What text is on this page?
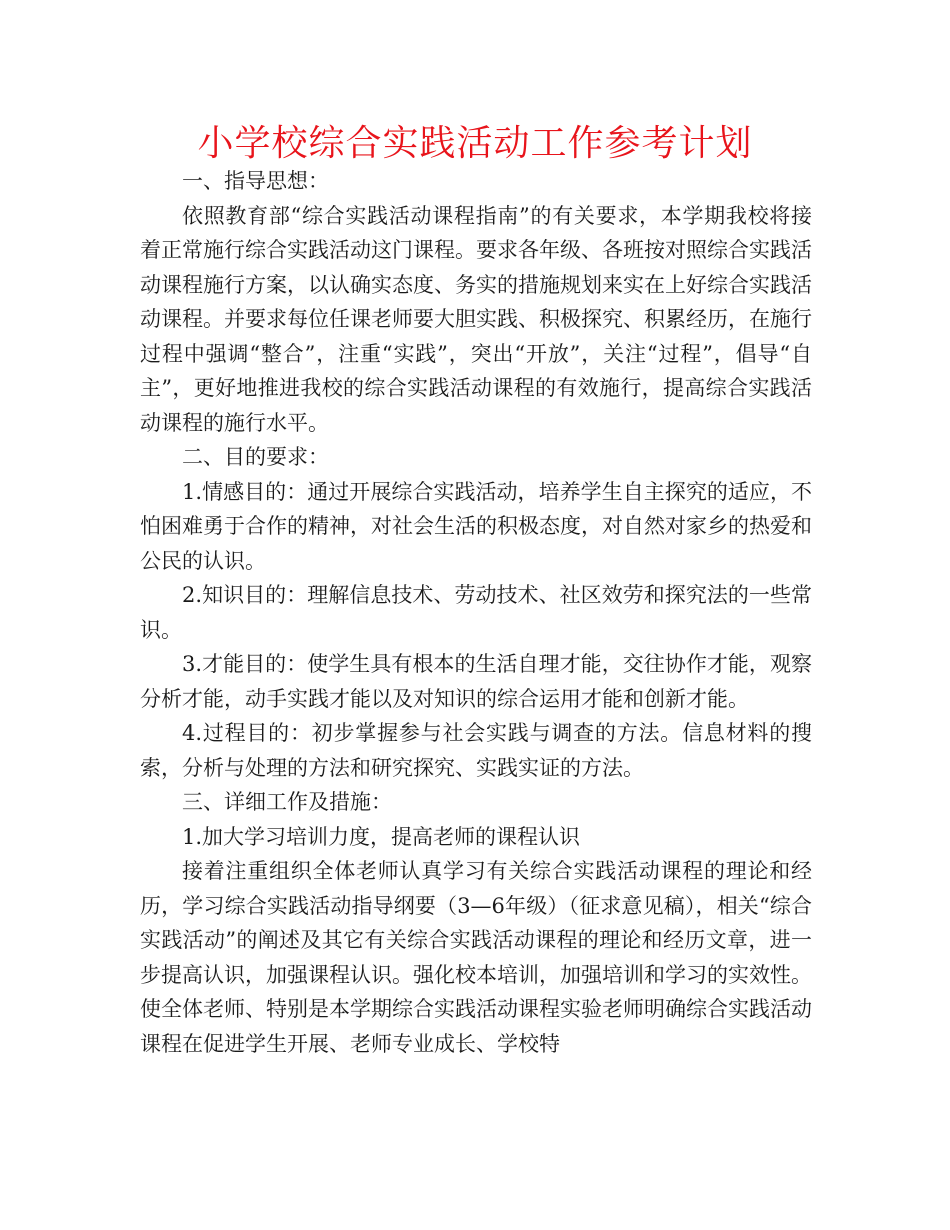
小学校综合实践活动工作参考计划

一、指导思想：

依照教育部“综合实践活动课程指南”的有关要求，本学期我校将接着正常施行综合实践活动这门课程。要求各年级、各班按对照综合实践活动课程施行方案，以认确实态度、务实的措施规划来实在上好综合实践活动课程。并要求每位任课老师要大胆实践、积极探究、积累经历，在施行过程中强调“整合”，注重“实践”，突出“开放”，关注“过程”，倡导“自主”，更好地推进我校的综合实践活动课程的有效施行，提高综合实践活动课程的施行水平。

二、目的要求：

1.情感目的：通过开展综合实践活动，培养学生自主探究的适应，不怕困难勇于合作的精神，对社会生活的积极态度，对自然对家乡的热爱和公民的认识。

2.知识目的：理解信息技术、劳动技术、社区效劳和探究法的一些常识。

3.才能目的：使学生具有根本的生活自理才能，交往协作才能，观察分析才能，动手实践才能以及对知识的综合运用才能和创新才能。

4.过程目的：初步掌握参与社会实践与调查的方法。信息材料的搜索，分析与处理的方法和研究探究、实践实证的方法。

三、详细工作及措施：

1.加大学习培训力度，提高老师的课程认识

接着注重组织全体老师认真学习有关综合实践活动课程的理论和经历，学习综合实践活动指导纲要（3—6年级）（征求意见稿），相关“综合实践活动”的阐述及其它有关综合实践活动课程的理论和经历文章，进一步提高认识，加强课程认识。强化校本培训，加强培训和学习的实效性。使全体老师、特别是本学期综合实践活动课程实验老师明确综合实践活动课程在促进学生开展、老师专业成长、学校特
